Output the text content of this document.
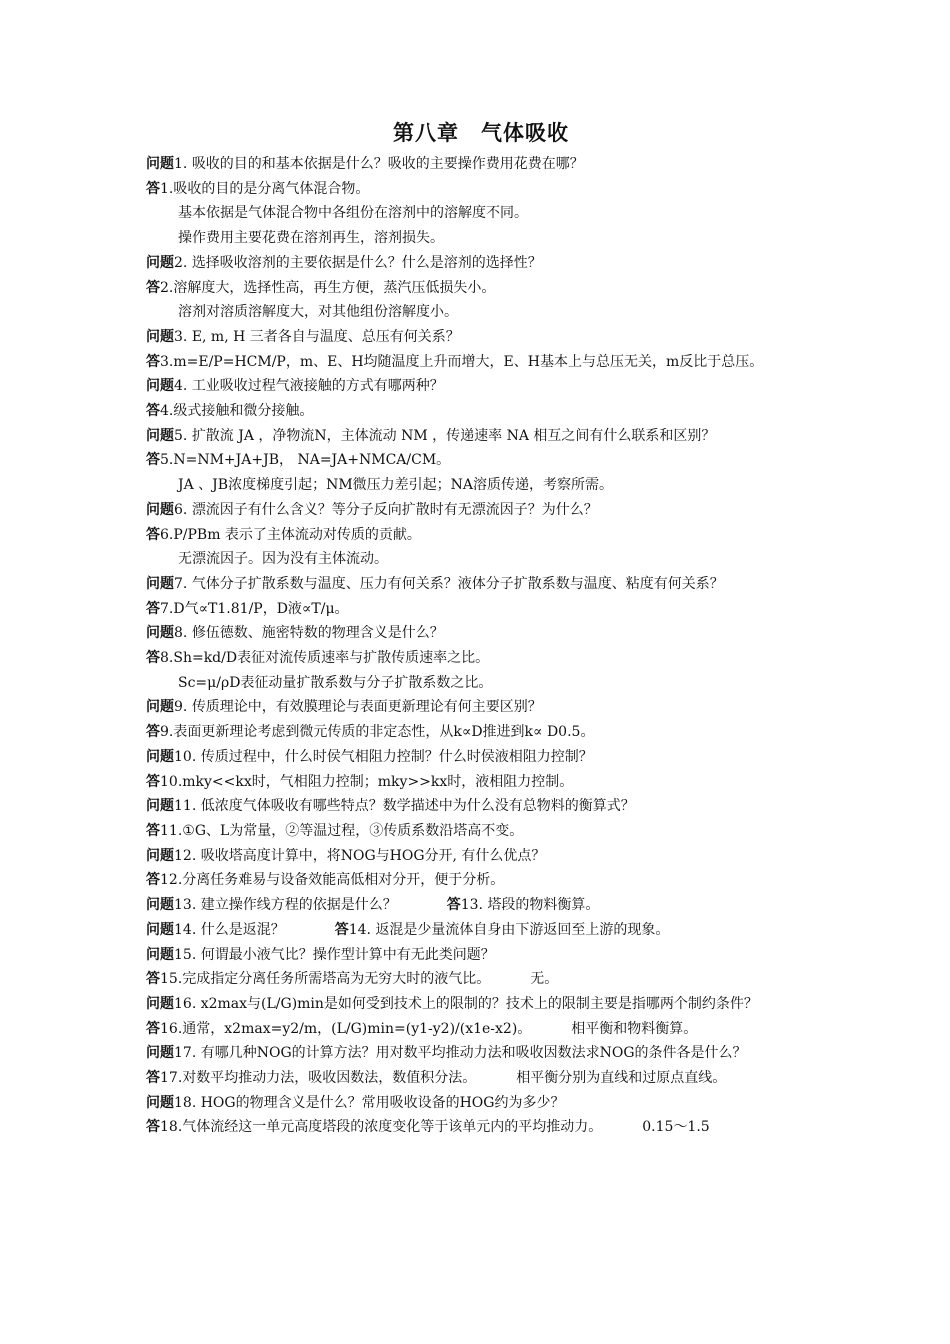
第八章　气体吸收
问题1. 吸收的目的和基本依据是什么？吸收的主要操作费用花费在哪？
答1.吸收的目的是分离气体混合物。
基本依据是气体混合物中各组份在溶剂中的溶解度不同。
操作费用主要花费在溶剂再生，溶剂损失。
问题2. 选择吸收溶剂的主要依据是什么？什么是溶剂的选择性？
答2.溶解度大，选择性高，再生方便，蒸汽压低损失小。
溶剂对溶质溶解度大，对其他组份溶解度小。
问题3. E, m, H 三者各自与温度、总压有何关系？
答3.m=E/P=HCM/P，m、E、H均随温度上升而增大，E、H基本上与总压无关，m反比于总压。
问题4. 工业吸收过程气液接触的方式有哪两种？
答4.级式接触和微分接触。
问题5. 扩散流 JA ，净物流N，主体流动 NM ，传递速率 NA 相互之间有什么联系和区别？
答5.N=NM+JA+JB， NA=JA+NMCA/CM。
JA 、JB浓度梯度引起；NM微压力差引起；NA溶质传递，考察所需。
问题6. 漂流因子有什么含义？等分子反向扩散时有无漂流因子？为什么？
答6.P/PBm 表示了主体流动对传质的贡献。
无漂流因子。因为没有主体流动。
问题7. 气体分子扩散系数与温度、压力有何关系？液体分子扩散系数与温度、粘度有何关系？
答7.D气∝T1.81/P，D液∝T/μ。
问题8. 修伍德数、施密特数的物理含义是什么？
答8.Sh=kd/D表征对流传质速率与扩散传质速率之比。
Sc=μ/ρD表征动量扩散系数与分子扩散系数之比。
问题9. 传质理论中，有效膜理论与表面更新理论有何主要区别？
答9.表面更新理论考虑到微元传质的非定态性，从k∝D推进到k∝ D0.5。
问题10. 传质过程中，什么时侯气相阻力控制？什么时侯液相阻力控制？
答10.mky<<kx时，气相阻力控制；mky>>kx时，液相阻力控制。
问题11. 低浓度气体吸收有哪些特点？数学描述中为什么没有总物料的衡算式？
答11.①G、L为常量，②等温过程，③传质系数沿塔高不变。
问题12. 吸收塔高度计算中，将NOG与HOG分开, 有什么优点？
答12.分离任务难易与设备效能高低相对分开，便于分析。
问题13. 建立操作线方程的依据是什么？	答13. 塔段的物料衡算。
问题14. 什么是返混？	答14. 返混是少量流体自身由下游返回至上游的现象。
问题15. 何谓最小液气比？操作型计算中有无此类问题？
答15.完成指定分离任务所需塔高为无穷大时的液气比。	无。
问题16. x2max与(L/G)min是如何受到技术上的限制的？技术上的限制主要是指哪两个制约条件？
答16.通常，x2max=y2/m，(L/G)min=(y1-y2)/(x1e-x2)。	相平衡和物料衡算。
问题17. 有哪几种NOG的计算方法？用对数平均推动力法和吸收因数法求NOG的条件各是什么？
答17.对数平均推动力法，吸收因数法，数值积分法。	相平衡分别为直线和过原点直线。
问题18. HOG的物理含义是什么？常用吸收设备的HOG约为多少？
答18.气体流经这一单元高度塔段的浓度变化等于该单元内的平均推动力。	0.15～1.5
